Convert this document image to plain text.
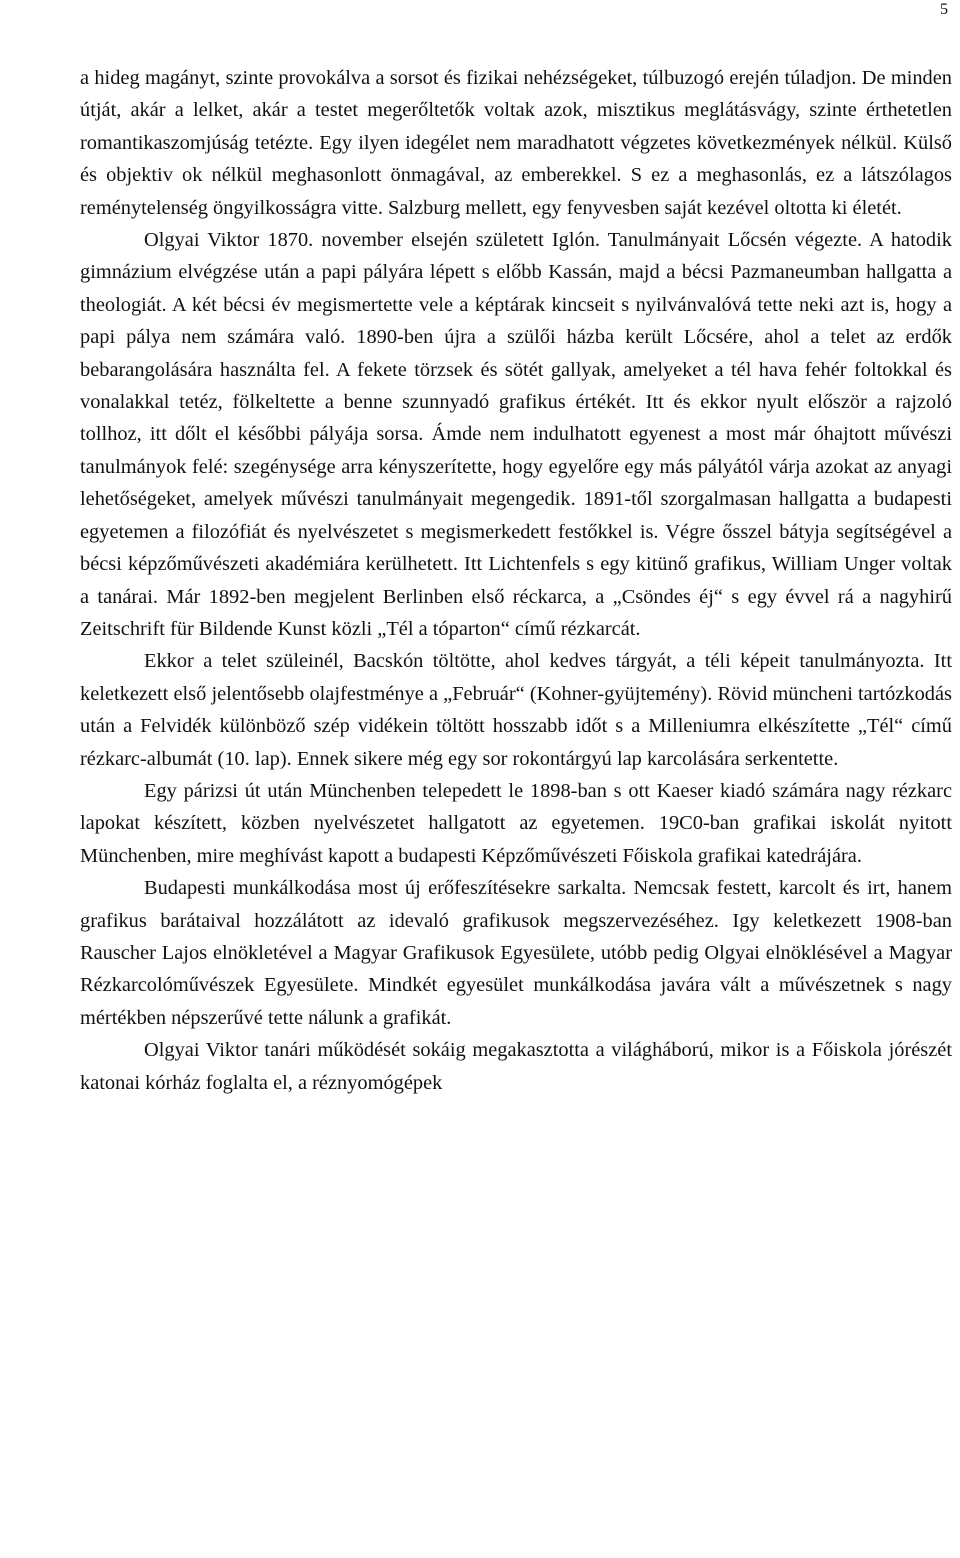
5

a hideg magányt, szinte provokálva a sorsot és fizikai nehézségeket, túlbuzogó erején túladjon. De minden útját, akár a lelket, akár a testet megerőltetők voltak azok, misztikus meglátásvágy, szinte érthetetlen romantikaszomjúság tetézte. Egy ilyen idegélet nem maradhatott végzetes következmények nélkül. Külső és objektiv ok nélkül meghasonlott önmagával, az emberekkel. S ez a meghasonlás, ez a látszólagos reménytelenség öngyilkosságra vitte. Salzburg mellett, egy fenyvesben saját kezével oltotta ki életét.

Olgyai Viktor 1870. november elsején született Iglón. Tanulmányait Lőcsén végezte. A hatodik gimnázium elvégzése után a papi pályára lépett s előbb Kassán, majd a bécsi Pazmaneumban hallgatta a theologiát. A két bécsi év megismertette vele a képtárak kincseit s nyilvánvalóvá tette neki azt is, hogy a papi pálya nem számára való. 1890-ben újra a szülői házba került Lőcsére, ahol a telet az erdők bebarangolására használta fel. A fekete törzsek és sötét gallyak, amelyeket a tél hava fehér foltokkal és vonalakkal tetéz, fölkeltette a benne szunnyadó grafikus értékét. Itt és ekkor nyult először a rajzoló tollhoz, itt dőlt el későbbi pályája sorsa. Ámde nem indulhatott egyenest a most már óhajtott művészi tanulmányok felé: szegénysége arra kényszerítette, hogy egyelőre egy más pályától várja azokat az anyagi lehetőségeket, amelyek művészi tanulmányait megengedik. 1891-től szorgalmasan hallgatta a budapesti egyetemen a filozófiát és nyelvészetet s megismerkedett festőkkel is. Végre ősszel bátyja segítségével a bécsi képzőművészeti akadémiára kerülhetett. Itt Lichtenfels s egy kitünő grafikus, William Unger voltak a tanárai. Már 1892-ben megjelent Berlinben első réckarca, a „Csöndes éj“ s egy évvel rá a nagyhirű Zeitschrift für Bildende Kunst közli „Tél a tóparton“ című rézkarcát.

Ekkor a telet szüleinél, Bacskón töltötte, ahol kedves tárgyát, a téli képeit tanulmányozta. Itt keletkezett első jelentősebb olajfestménye a „Február“ (Kohner-gyüjtemény). Rövid müncheni tartózkodás után a Felvidék különböző szép vidékein töltött hosszabb időt s a Milleniumra elkészítette „Tél“ című rézkarc-albumát (10. lap). Ennek sikere még egy sor rokontárgyú lap karcolására serkentette.

Egy párizsi út után Münchenben telepedett le 1898-ban s ott Kaeser kiadó számára nagy rézkarc lapokat készített, közben nyelvészetet hallgatott az egyetemen. 19C0-ban grafikai iskolát nyitott Münchenben, mire meghívást kapott a budapesti Képzőművészeti Főiskola grafikai katedrájára.

Budapesti munkálkodása most új erőfeszítésekre sarkalta. Nemcsak festett, karcolt és irt, hanem grafikus barátaival hozzálátott az idevaló grafikusok megszervezéséhez. Igy keletkezett 1908-ban Rauscher Lajos elnökletével a Magyar Grafikusok Egyesülete, utóbb pedig Olgyai elnöklésével a Magyar Rézkarcolóművészek Egyesülete. Mindkét egyesület munkálkodása javára vált a művészetnek s nagy mértékben népszerűvé tette nálunk a grafikát.

Olgyai Viktor tanári működését sokáig megakasztotta a világháború, mikor is a Főiskola jórészét katonai kórház foglalta el, a réznyomógépek
